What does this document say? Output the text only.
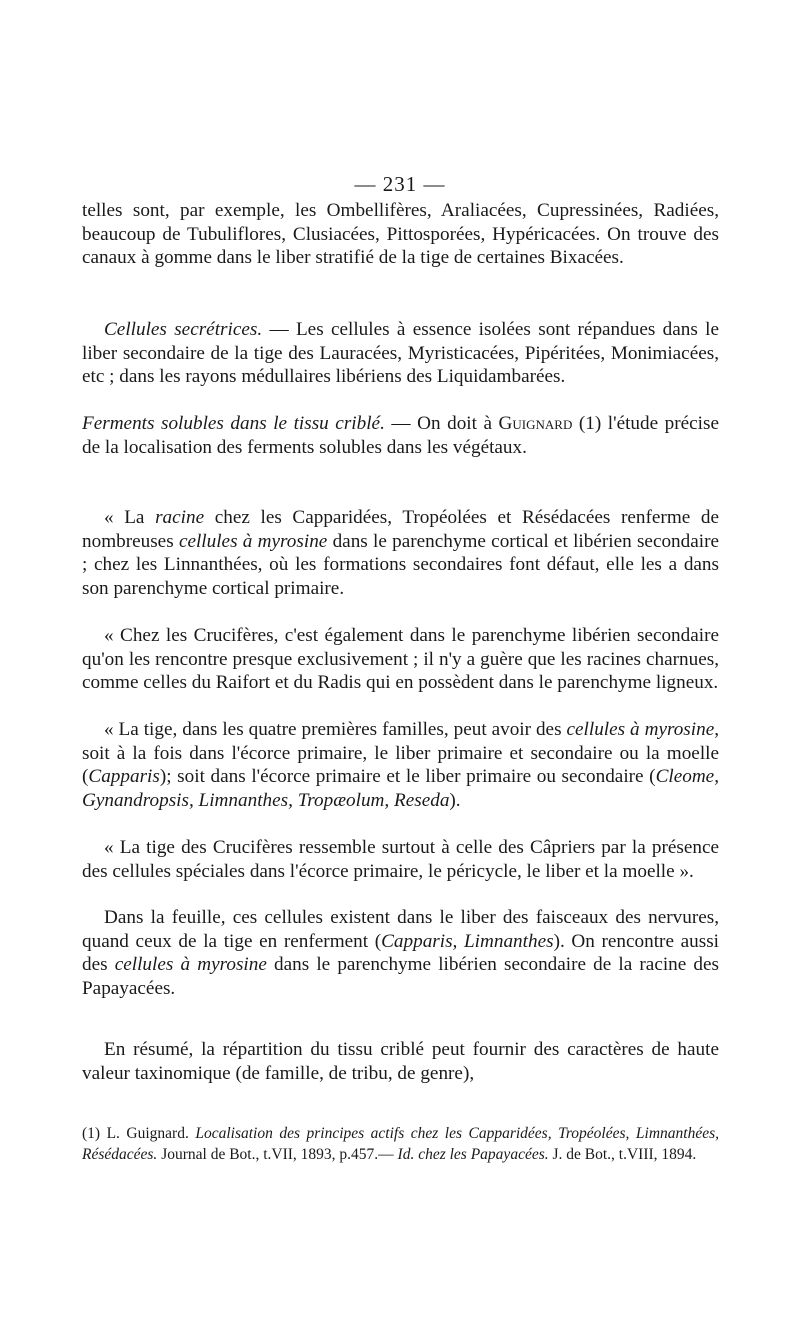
— 231 —

telles sont, par exemple, les Ombellifères, Araliacées, Cupressinées, Radiées, beaucoup de Tubuliflores, Clusiacées, Pittosporées, Hypéricacées. On trouve des canaux à gomme dans le liber stratifié de la tige de certaines Bixacées.

Cellules secrétrices. — Les cellules à essence isolées sont répandues dans le liber secondaire de la tige des Lauracées, Myristicacées, Pipéritées, Monimiacées, etc ; dans les rayons médullaires libériens des Liquidambarées.

Ferments solubles dans le tissu criblé. — On doit à Guignard (1) l'étude précise de la localisation des ferments solubles dans les végétaux.

« La racine chez les Capparidées, Tropéolées et Résédacées renferme de nombreuses cellules à myrosine dans le parenchyme cortical et libérien secondaire ; chez les Linnanthées, où les formations secondaires font défaut, elle les a dans son parenchyme cortical primaire.

« Chez les Crucifères, c'est également dans le parenchyme libérien secondaire qu'on les rencontre presque exclusivement ; il n'y a guère que les racines charnues, comme celles du Raifort et du Radis qui en possèdent dans le parenchyme ligneux.

« La tige, dans les quatre premières familles, peut avoir des cellules à myrosine, soit à la fois dans l'écorce primaire, le liber primaire et secondaire ou la moelle (Capparis); soit dans l'écorce primaire et le liber primaire ou secondaire (Cleome, Gynandropsis, Limnanthes, Tropæolum, Reseda).

« La tige des Crucifères ressemble surtout à celle des Câpriers par la présence des cellules spéciales dans l'écorce primaire, le péricycle, le liber et la moelle ».

Dans la feuille, ces cellules existent dans le liber des faisceaux des nervures, quand ceux de la tige en renferment (Capparis, Limnanthes). On rencontre aussi des cellules à myrosine dans le parenchyme libérien secondaire de la racine des Papayacées.

En résumé, la répartition du tissu criblé peut fournir des caractères de haute valeur taxinomique (de famille, de tribu, de genre),

(1) L. Guignard. Localisation des principes actifs chez les Capparidées, Tropéolées, Limnanthées, Résédacées. Journal de Bot., t.VII, 1893, p.457.— Id. chez les Papayacées. J. de Bot., t.VIII, 1894.
